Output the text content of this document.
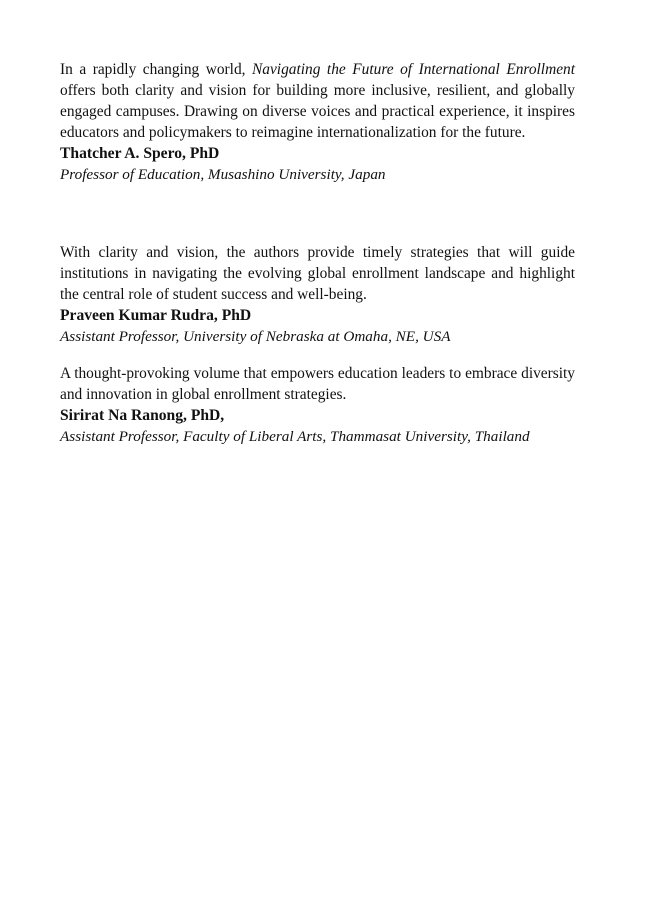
In a rapidly changing world, Navigating the Future of International Enrollment offers both clarity and vision for building more inclusive, resilient, and globally engaged campuses. Drawing on diverse voices and practical experience, it inspires educators and policymakers to reimagine internationalization for the future.

Thatcher A. Spero, PhD

Professor of Education, Musashino University, Japan

With clarity and vision, the authors provide timely strategies that will guide institutions in navigating the evolving global enrollment landscape and highlight the central role of student success and well-being.

Praveen Kumar Rudra, PhD

Assistant Professor, University of Nebraska at Omaha, NE, USA

A thought-provoking volume that empowers education leaders to embrace diversity and innovation in global enrollment strategies.

Sirirat Na Ranong, PhD,

Assistant Professor, Faculty of Liberal Arts, Thammasat University, Thailand
